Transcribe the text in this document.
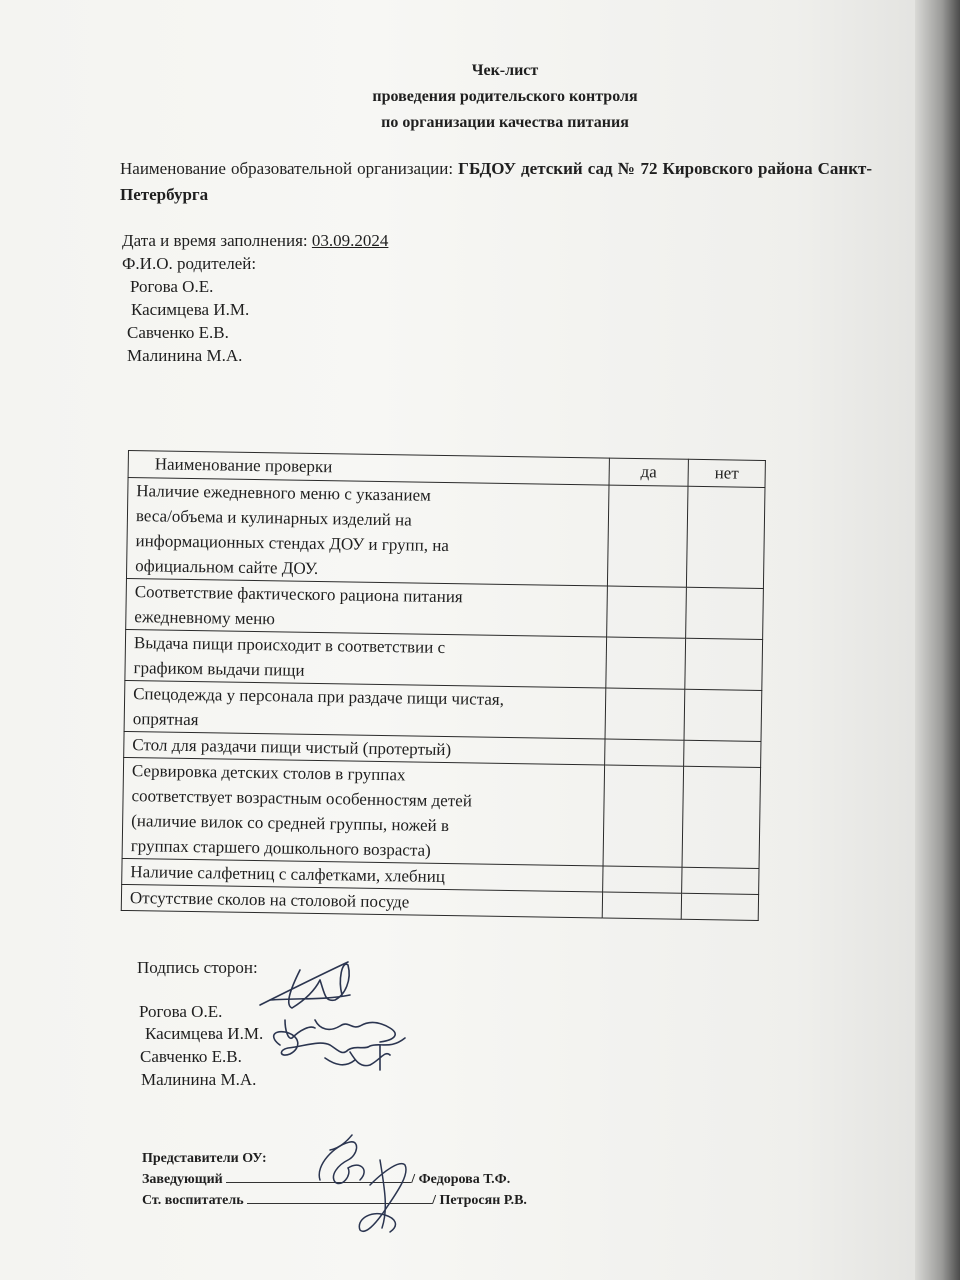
Чек-лист
проведения родительского контроля
по организации качества питания
Наименование образовательной организации: ГБДОУ детский сад № 72 Кировского района Санкт- Петербурга
Дата и время заполнения: 03.09.2024
Ф.И.О. родителей:
Рогова О.Е.
Касимцева И.М.
Савченко Е.В.
Малинина М.А.
Наименование проверки	да	нет

Наличие ежедневного меню с указанием
веса/объема и кулинарных изделий на
информационных стендах ДОУ и групп, на
официальном сайте ДОУ.		

Соответствие фактического рациона питания
ежедневному меню		

Выдача пищи происходит в соответствии с
графиком выдачи пищи		

Спецодежда у персонала при раздаче пищи чистая,
опрятная		

Стол для раздачи пищи чистый (протертый)		

Сервировка детских столов в группах
соответствует возрастным особенностям детей
(наличие вилок со средней группы, ножей в
группах старшего дошкольного возраста)		

Наличие салфетниц с салфетками, хлебниц		

Отсутствие сколов на столовой посуде		

Подпись сторон:
Рогова О.Е.
Касимцева И.М.
Савченко Е.В.
Малинина М.А.
Представители ОУ:
Заведующий	/ Федорова Т.Ф.
Ст. воспитатель	/ Петросян Р.В.
